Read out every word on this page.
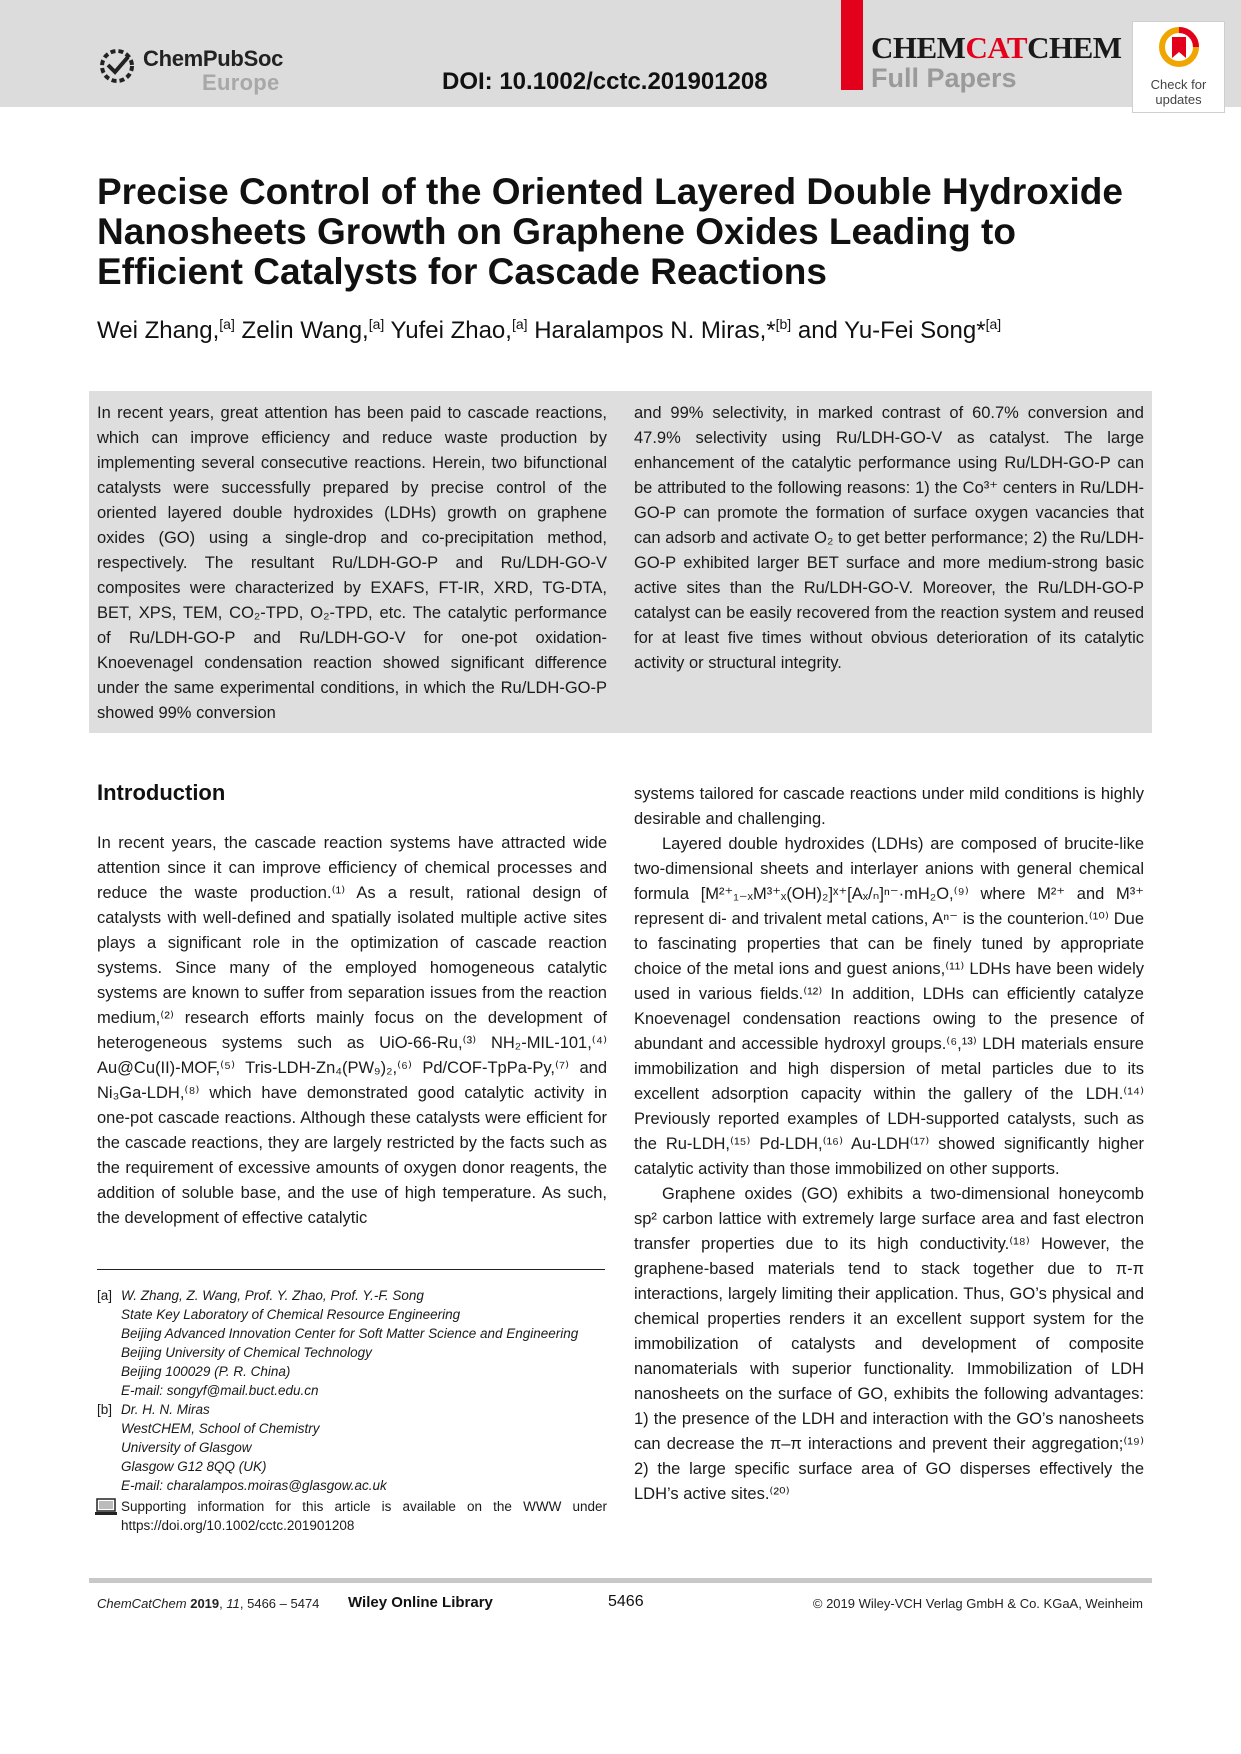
ChemPubSoc
Europe	DOI: 10.1002/cctc.201901208
CHEMCATCHEM
Full Papers	Check for updates
Precise Control of the Oriented Layered Double Hydroxide Nanosheets Growth on Graphene Oxides Leading to Efficient Catalysts for Cascade Reactions
Wei Zhang,[a] Zelin Wang,[a] Yufei Zhao,[a] Haralampos N. Miras,*[b] and Yu-Fei Song*[a]

In recent years, great attention has been paid to cascade reactions, which can improve efficiency and reduce waste production by implementing several consecutive reactions. Herein, two bifunctional catalysts were successfully prepared by precise control of the oriented layered double hydroxides (LDHs) growth on graphene oxides (GO) using a single-drop and co-precipitation method, respectively. The resultant Ru/LDH-GO-P and Ru/LDH-GO-V composites were characterized by EXAFS, FT-IR, XRD, TG-DTA, BET, XPS, TEM, CO₂-TPD, O₂-TPD, etc. The catalytic performance of Ru/LDH-GO-P and Ru/LDH-GO-V for one-pot oxidation-Knoevenagel condensation reaction showed significant difference under the same experimental conditions, in which the Ru/LDH-GO-P showed 99% conversion

and 99% selectivity, in marked contrast of 60.7% conversion and 47.9% selectivity using Ru/LDH-GO-V as catalyst. The large enhancement of the catalytic performance using Ru/LDH-GO-P can be attributed to the following reasons: 1) the Co³⁺ centers in Ru/LDH-GO-P can promote the formation of surface oxygen vacancies that can adsorb and activate O₂ to get better performance; 2) the Ru/LDH-GO-P exhibited larger BET surface and more medium-strong basic active sites than the Ru/LDH-GO-V. Moreover, the Ru/LDH-GO-P catalyst can be easily recovered from the reaction system and reused for at least five times without obvious deterioration of its catalytic activity or structural integrity.

Introduction

In recent years, the cascade reaction systems have attracted wide attention since it can improve efficiency of chemical processes and reduce the waste production.⁽¹⁾ As a result, rational design of catalysts with well-defined and spatially isolated multiple active sites plays a significant role in the optimization of cascade reaction systems. Since many of the employed homogeneous catalytic systems are known to suffer from separation issues from the reaction medium,⁽²⁾ research efforts mainly focus on the development of heterogeneous systems such as UiO-66-Ru,⁽³⁾ NH₂-MIL-101,⁽⁴⁾ Au@Cu(II)-MOF,⁽⁵⁾ Tris-LDH-Zn₄(PW₉)₂,⁽⁶⁾ Pd/COF-TpPa-Py,⁽⁷⁾ and Ni₃Ga-LDH,⁽⁸⁾ which have demonstrated good catalytic activity in one-pot cascade reactions. Although these catalysts were efficient for the cascade reactions, they are largely restricted by the facts such as the requirement of excessive amounts of oxygen donor reagents, the addition of soluble base, and the use of high temperature. As such, the development of effective catalytic

systems tailored for cascade reactions under mild conditions is highly desirable and challenging.

Layered double hydroxides (LDHs) are composed of brucite-like two-dimensional sheets and interlayer anions with general chemical formula [M²⁺₁₋ₓM³⁺ₓ(OH)₂]ˣ⁺[Aₓ/ₙ]ⁿ⁻·mH₂O,⁽⁹⁾ where M²⁺ and M³⁺ represent di- and trivalent metal cations, Aⁿ⁻ is the counterion.⁽¹⁰⁾ Due to fascinating properties that can be finely tuned by appropriate choice of the metal ions and guest anions,⁽¹¹⁾ LDHs have been widely used in various fields.⁽¹²⁾ In addition, LDHs can efficiently catalyze Knoevenagel condensation reactions owing to the presence of abundant and accessible hydroxyl groups.⁽⁶,¹³⁾ LDH materials ensure immobilization and high dispersion of metal particles due to its excellent adsorption capacity within the gallery of the LDH.⁽¹⁴⁾ Previously reported examples of LDH-supported catalysts, such as the Ru-LDH,⁽¹⁵⁾ Pd-LDH,⁽¹⁶⁾ Au-LDH⁽¹⁷⁾ showed significantly higher catalytic activity than those immobilized on other supports.

Graphene oxides (GO) exhibits a two-dimensional honeycomb sp² carbon lattice with extremely large surface area and fast electron transfer properties due to its high conductivity.⁽¹⁸⁾ However, the graphene-based materials tend to stack together due to π-π interactions, largely limiting their application. Thus, GO’s physical and chemical properties renders it an excellent support system for the immobilization of catalysts and development of composite nanomaterials with superior functionality. Immobilization of LDH nanosheets on the surface of GO, exhibits the following advantages: 1) the presence of the LDH and interaction with the GO’s nanosheets can decrease the π–π interactions and prevent their aggregation;⁽¹⁹⁾ 2) the large specific surface area of GO disperses effectively the LDH’s active sites.⁽²⁰⁾

[a] W. Zhang, Z. Wang, Prof. Y. Zhao, Prof. Y.-F. Song
State Key Laboratory of Chemical Resource Engineering
Beijing Advanced Innovation Center for Soft Matter Science and Engineering
Beijing University of Chemical Technology
Beijing 100029 (P. R. China)
E-mail: songyf@mail.buct.edu.cn
[b] Dr. H. N. Miras
WestCHEM, School of Chemistry
University of Glasgow
Glasgow G12 8QQ (UK)
E-mail: charalampos.moiras@glasgow.ac.uk
Supporting information for this article is available on the WWW under https://doi.org/10.1002/cctc.201901208
ChemCatChem 2019, 11, 5466 – 5474 Wiley Online Library	5466	© 2019 Wiley-VCH Verlag GmbH & Co. KGaA, Weinheim
